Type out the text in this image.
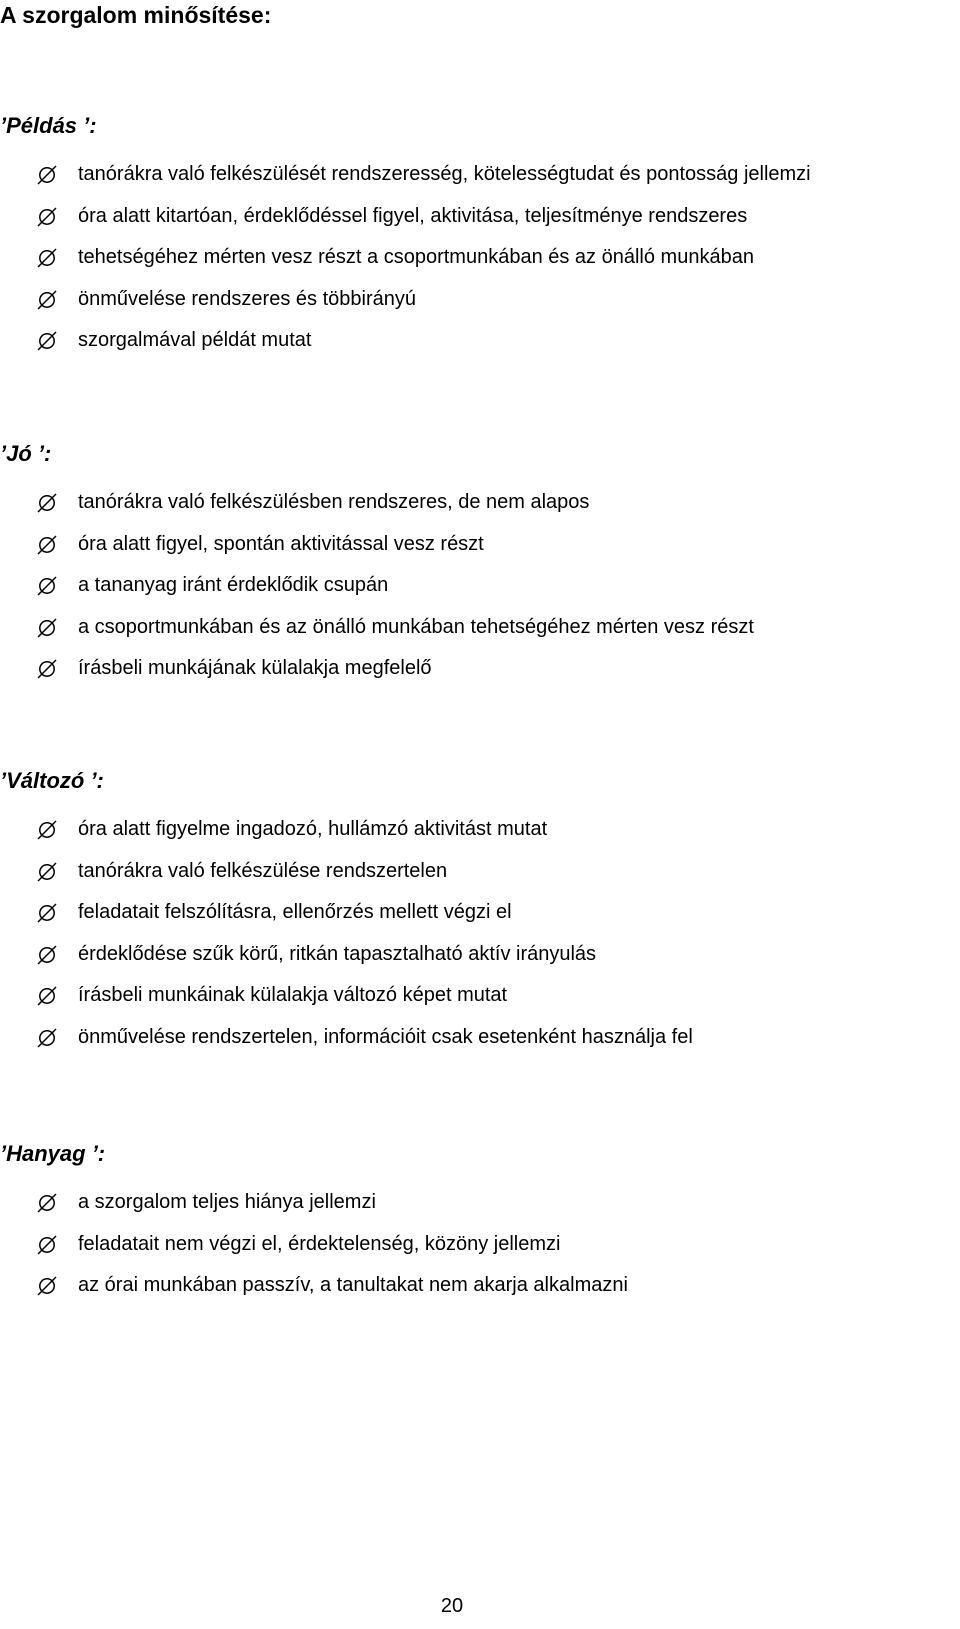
A szorgalom minősítése:
’Példás ’:
tanórákra való felkészülését rendszeresség, kötelességtudat és pontosság jellemzi
óra alatt kitartóan, érdeklődéssel figyel, aktivitása, teljesítménye rendszeres
tehetségéhez mérten vesz részt a csoportmunkában és az önálló munkában
önművelése rendszeres és többirányú
szorgalmával példát mutat
’Jó ’:
tanórákra való felkészülésben rendszeres, de nem alapos
óra alatt figyel, spontán aktivitással vesz részt
a tananyag iránt érdeklődik csupán
a csoportmunkában és az önálló munkában tehetségéhez mérten vesz részt
írásbeli munkájának külalakja megfelelő
’Változó ’:
óra alatt figyelme ingadozó, hullámzó aktivitást mutat
tanórákra való felkészülése rendszertelen
feladatait felszólításra, ellenőrzés mellett végzi el
érdeklődése szűk körű, ritkán tapasztalható aktív irányulás
írásbeli munkáinak külalakja változó képet mutat
önművelése rendszertelen, információit csak esetenként használja fel
’Hanyag ’:
a szorgalom teljes hiánya jellemzi
feladatait nem végzi el, érdektelenség, közöny jellemzi
az órai munkában passzív, a tanultakat nem akarja alkalmazni
20
